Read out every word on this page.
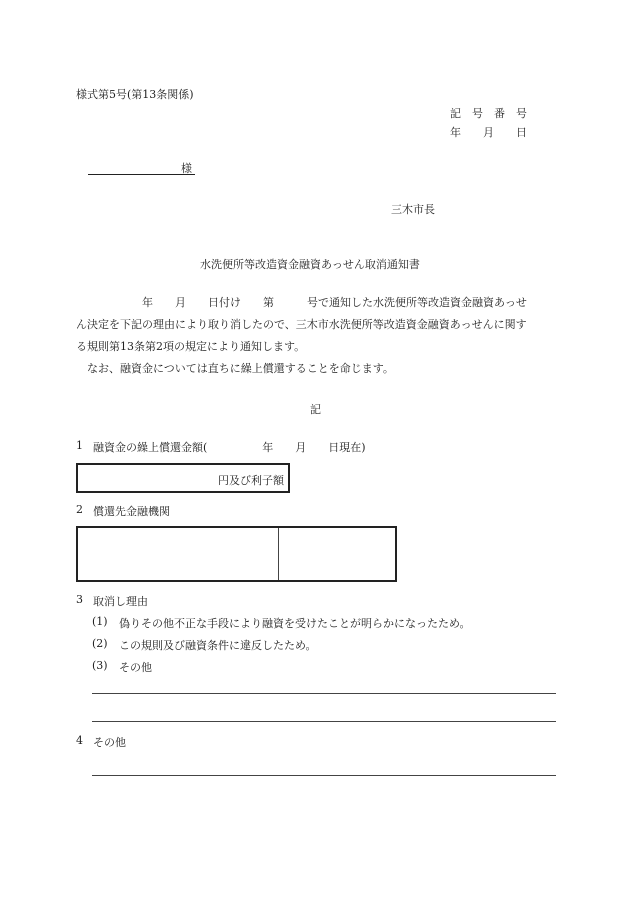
様式第5号(第13条関係)
記　号　番　号
年　　月　　日
様
三木市長
水洗便所等改造資金融資あっせん取消通知書

　　　　　　年　　月　　日付け　　第　　　号で通知した水洗便所等改造資金融資あっせ

ん決定を下記の理由により取り消したので、三木市水洗便所等改造資金融資あっせんに関す

る規則第13条第2項の規定により通知します。

　なお、融資金については直ちに繰上償還することを命じます。

記
1 融資金の繰上償還金額(　　　　　年　　月　　日現在)
円及び利子額
2 償還先金融機関
3 取消し理由
(1) 偽りその他不正な手段により融資を受けたことが明らかになったため。
(2) この規則及び融資条件に違反したため。
(3) その他
4 その他
